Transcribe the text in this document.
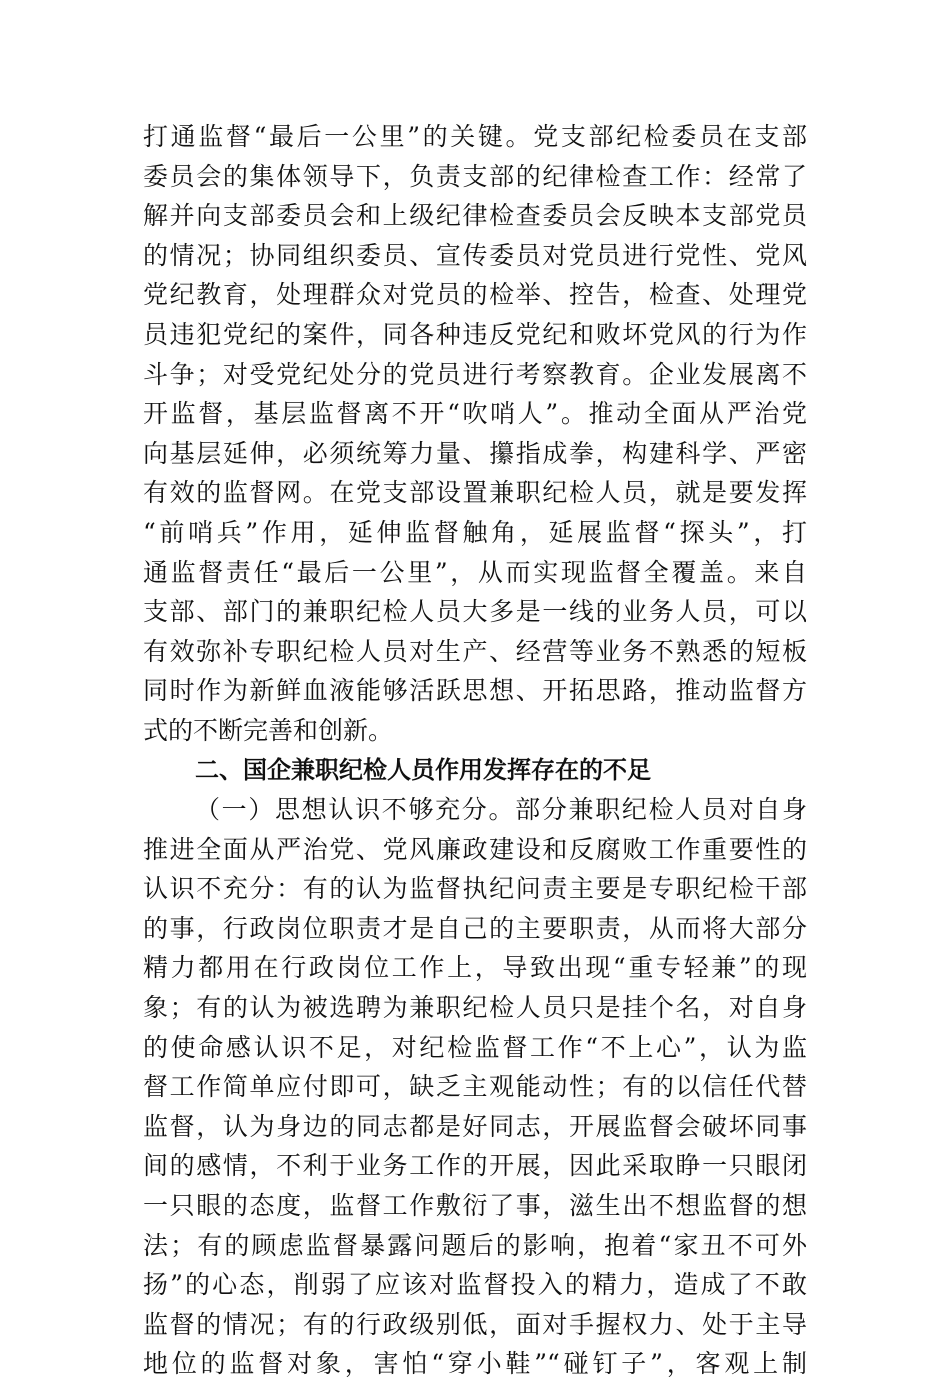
打通监督“最后一公里”的关键。党支部纪检委员在支部
委员会的集体领导下，负责支部的纪律检查工作：经常了
解并向支部委员会和上级纪律检查委员会反映本支部党员
的情况；协同组织委员、宣传委员对党员进行党性、党风
党纪教育，处理群众对党员的检举、控告，检查、处理党
员违犯党纪的案件，同各种违反党纪和败坏党风的行为作
斗争；对受党纪处分的党员进行考察教育。企业发展离不
开监督，基层监督离不开“吹哨人”。推动全面从严治党
向基层延伸，必须统筹力量、攥指成拳，构建科学、严密
有效的监督网。在党支部设置兼职纪检人员，就是要发挥
“前哨兵”作用，延伸监督触角，延展监督“探头”，打
通监督责任“最后一公里”，从而实现监督全覆盖。来自
支部、部门的兼职纪检人员大多是一线的业务人员，可以
有效弥补专职纪检人员对生产、经营等业务不熟悉的短板
同时作为新鲜血液能够活跃思想、开拓思路，推动监督方
式的不断完善和创新。
二、国企兼职纪检人员作用发挥存在的不足
（一）思想认识不够充分。部分兼职纪检人员对自身
推进全面从严治党、党风廉政建设和反腐败工作重要性的
认识不充分：有的认为监督执纪问责主要是专职纪检干部
的事，行政岗位职责才是自己的主要职责，从而将大部分
精力都用在行政岗位工作上，导致出现“重专轻兼”的现
象；有的认为被选聘为兼职纪检人员只是挂个名，对自身
的使命感认识不足，对纪检监督工作“不上心”，认为监
督工作简单应付即可，缺乏主观能动性；有的以信任代替
监督，认为身边的同志都是好同志，开展监督会破坏同事
间的感情，不利于业务工作的开展，因此采取睁一只眼闭
一只眼的态度，监督工作敷衍了事，滋生出不想监督的想
法；有的顾虑监督暴露问题后的影响，抱着“家丑不可外
扬”的心态，削弱了应该对监督投入的精力，造成了不敢
监督的情况；有的行政级别低，面对手握权力、处于主导
地位的监督对象，害怕“穿小鞋”“碰钉子”，客观上制
